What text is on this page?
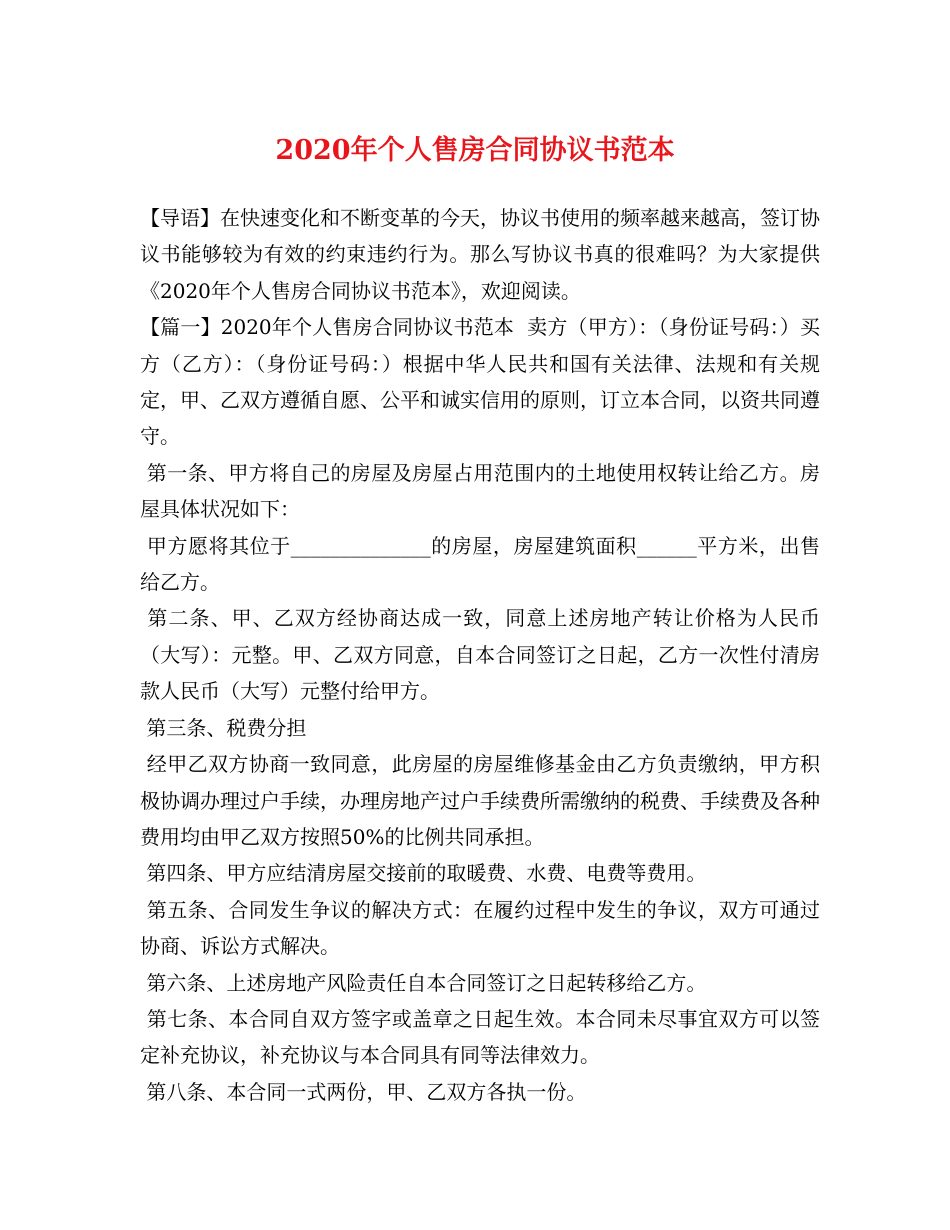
2020年个人售房合同协议书范本

【导语】在快速变化和不断变革的今天，协议书使用的频率越来越高，签订协议书能够较为有效的约束违约行为。那么写协议书真的很难吗？为大家提供《2020年个人售房合同协议书范本》，欢迎阅读。

【篇一】2020年个人售房合同协议书范本  卖方（甲方）：（身份证号码：）买方（乙方）：（身份证号码：）根据中华人民共和国有关法律、法规和有关规定，甲、乙双方遵循自愿、公平和诚实信用的原则，订立本合同，以资共同遵守。

第一条、甲方将自己的房屋及房屋占用范围内的土地使用权转让给乙方。房屋具体状况如下：

甲方愿将其位于______________的房屋，房屋建筑面积______平方米，出售给乙方。

第二条、甲、乙双方经协商达成一致，同意上述房地产转让价格为人民币（大写）：元整。甲、乙双方同意，自本合同签订之日起，乙方一次性付清房款人民币（大写）元整付给甲方。

第三条、税费分担

经甲乙双方协商一致同意，此房屋的房屋维修基金由乙方负责缴纳，甲方积极协调办理过户手续，办理房地产过户手续费所需缴纳的税费、手续费及各种费用均由甲乙双方按照50%的比例共同承担。

第四条、甲方应结清房屋交接前的取暖费、水费、电费等费用。

第五条、合同发生争议的解决方式：在履约过程中发生的争议，双方可通过协商、诉讼方式解决。

第六条、上述房地产风险责任自本合同签订之日起转移给乙方。

第七条、本合同自双方签字或盖章之日起生效。本合同未尽事宜双方可以签定补充协议，补充协议与本合同具有同等法律效力。

第八条、本合同一式两份，甲、乙双方各执一份。
